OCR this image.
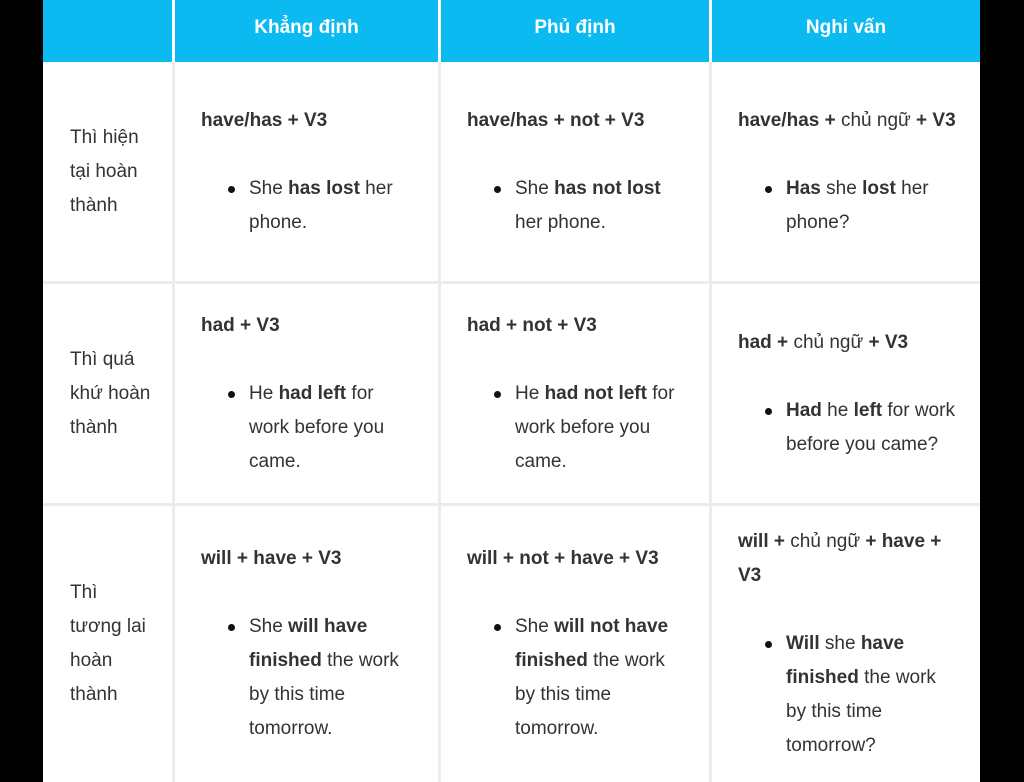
Khẳng định	Phủ định	Nghi vấn
Thì hiện tại hoàn thành
have/has + V3
She has lost her phone.
have/has + not + V3
She has not lost her phone.
have/has + chủ ngữ + V3
Has she lost her phone?
Thì quá khứ hoàn thành
had + V3
He had left for work before you came.
had + not + V3
He had not left for work before you came.
had + chủ ngữ + V3
Had he left for work before you came?
Thì tương lai hoàn thành
will + have + V3
She will have finished the work by this time tomorrow.
will + not + have + V3
She will not have finished the work by this time tomorrow.
will + chủ ngữ + have + V3
Will she have finished the work by this time tomorrow?
